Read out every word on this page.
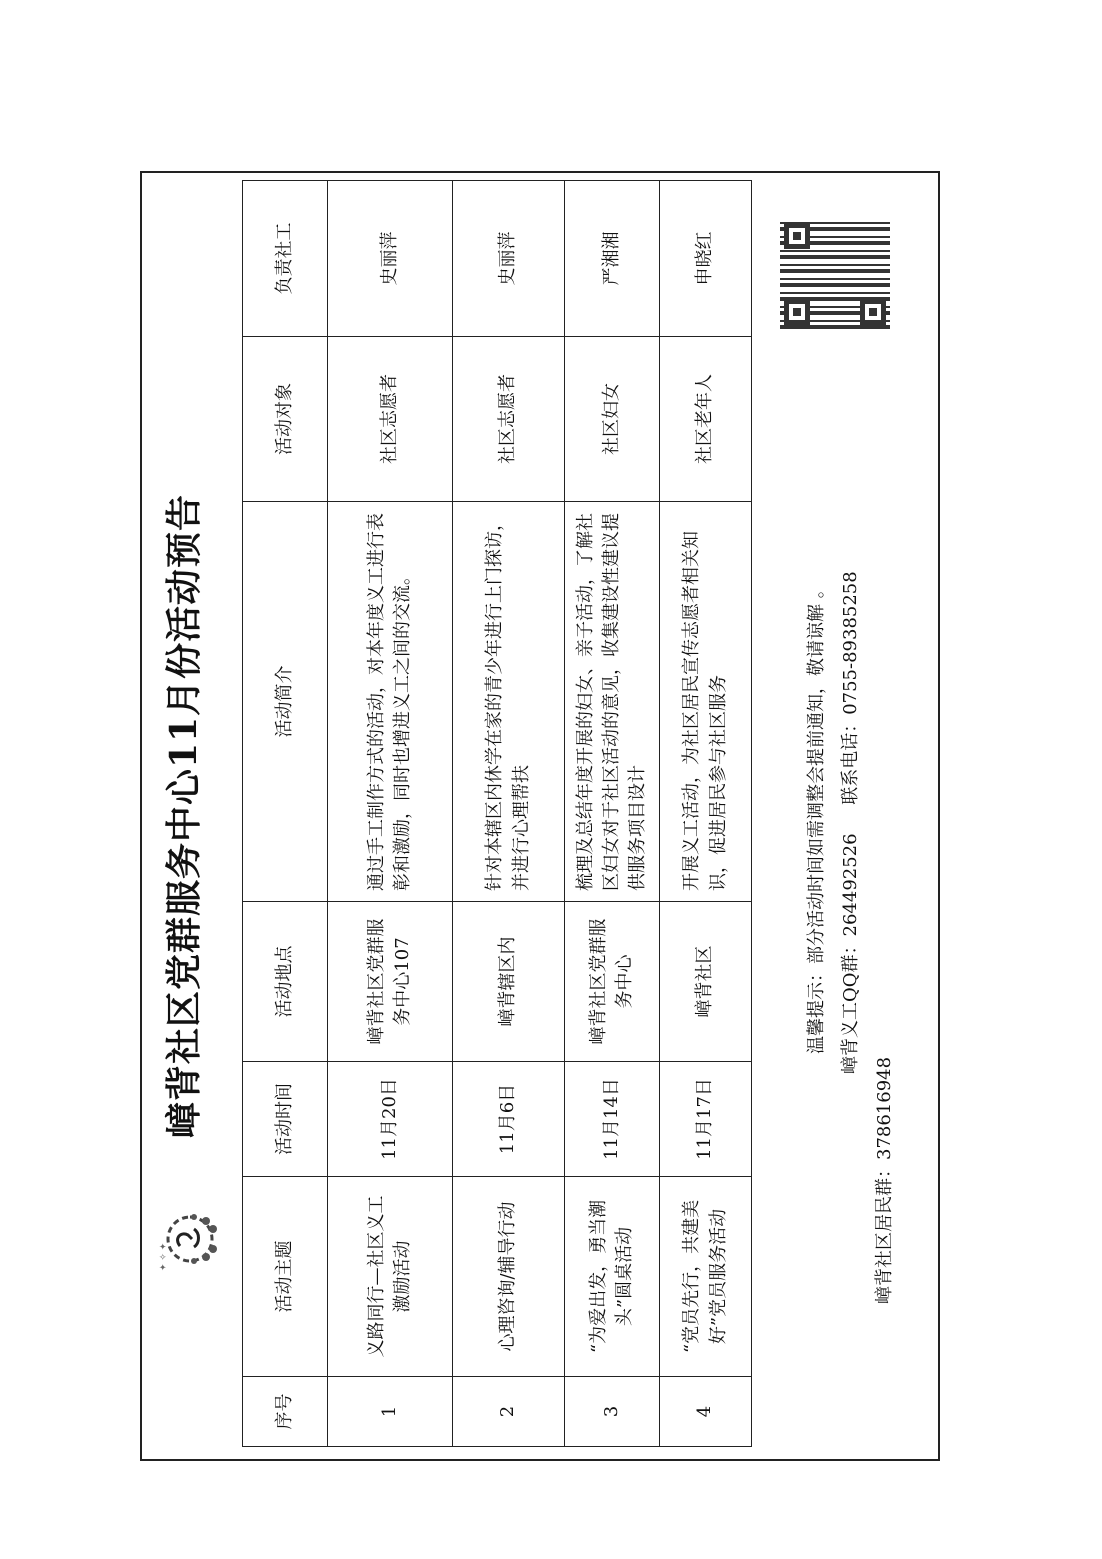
✦ ✧ ✦
嶂背社区党群服务中心11月份活动预告
序号	活动主题	活动时间	活动地点	活动简介	活动对象	负责社工
1	义路同行—社区义工激励活动	11月20日	嶂背社区党群服务中心107	通过手工制作方式的活动，对本年度义工进行表彰和激励，同时也增进义工之间的交流。	社区志愿者	史丽萍
2	心理咨询/辅导行动	11月6日	嶂背辖区内	针对本辖区内休学在家的青少年进行上门探访，并进行心理帮扶	社区志愿者	史丽萍
3	“为爱出发，勇当潮头”圆桌活动	11月14日	嶂背社区党群服务中心	梳理及总结年度开展的妇女、亲子活动，了解社区妇女对于社区活动的意见，收集建设性建议提供服务项目设计	社区妇女	严湘湘
4	“党员先行，共建美好”党员服务活动	11月17日	嶂背社区	开展义工活动，为社区居民宣传志愿者相关知识，促进居民参与社区服务	社区老年人	申晓红
温馨提示：部分活动时间如需调整会提前通知，敬请谅解 。 嶂背义工QQ群：264492526     联系电话：0755-89385258
嶂背社区居民群：378616948
